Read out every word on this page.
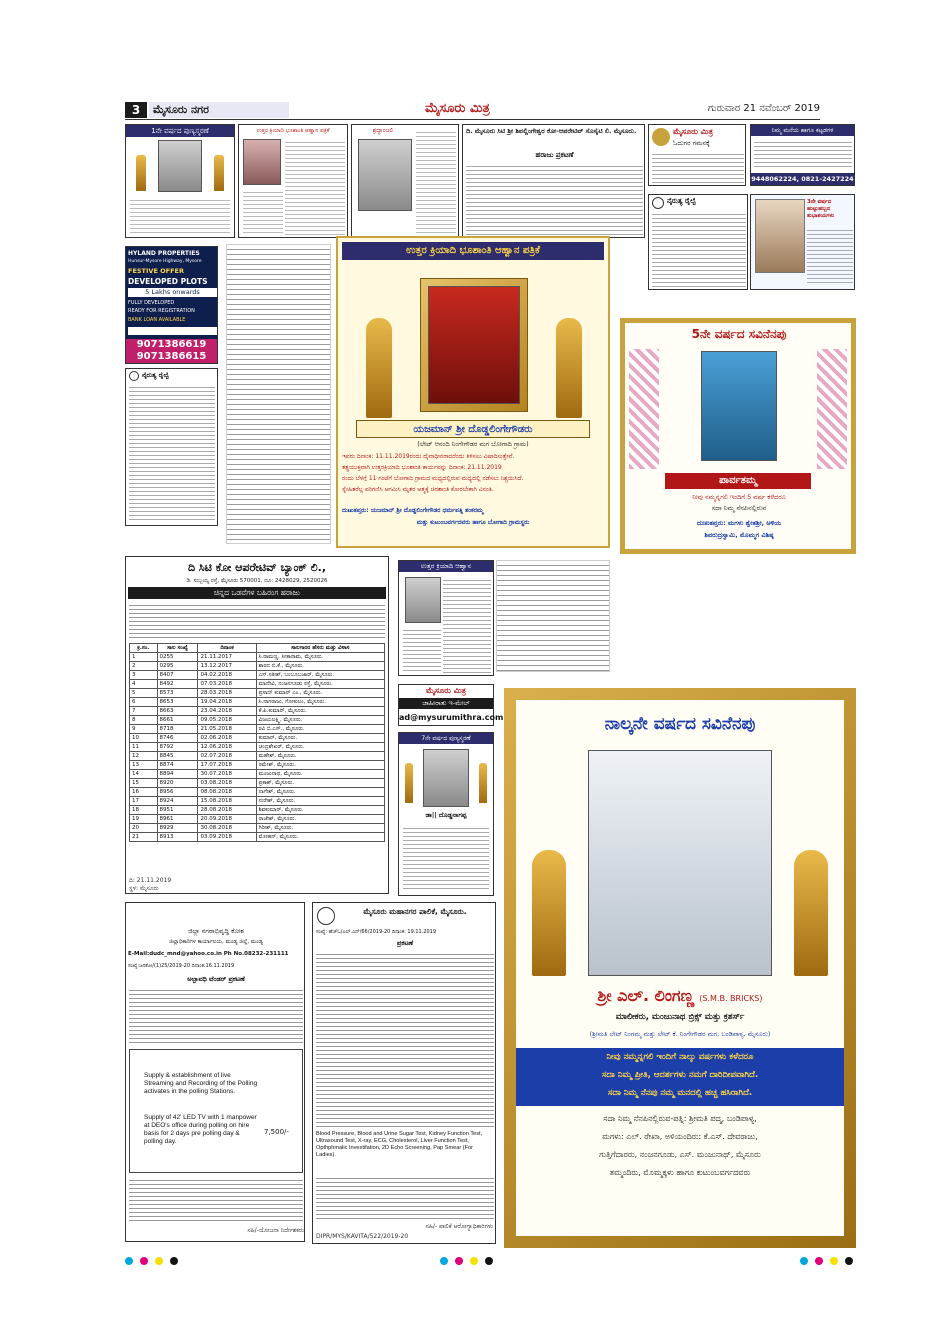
3	ಮೈಸೂರು ನಗರ	ಮೈಸೂರು ಮಿತ್ರ	ಗುರುವಾರ 21 ನವೆಂಬರ್ 2019
1ನೇ ವರ್ಷದ ಪುಣ್ಯಸ್ಮರಣೆ	ಉತ್ತರ ಕ್ರಿಯಾದಿ ಭೂಶಾಂತಿ ಆಹ್ವಾನ ಪತ್ರಿಕೆ	ಶ್ರದ್ಧಾಂಜಲಿ	ದಿ. ಮೈಸೂರು ಸಿಟಿ ಶ್ರೀ ಶಿವಲ್ಲಿಂಗೇಶ್ವರ ಕೋ-ಆಪರೇಟಿವ್ ಸೊಸೈಟಿ ಲಿ. ಮೈಸೂರು.
ಹರಾಜು ಪ್ರಕಟಣೆ
ಮೈಸೂರು ಮಿತ್ರ
ಓದುಗರ ಗಮನಕ್ಕೆ
ನಿಮ್ಮ ಮನೆಯ ಹಾಗೂ ಕಟ್ಟಡಗಳ
9448062224, 0821-2427224
ನೈರುತ್ಯ ರೈಲ್ವೆ	3ನೇ ವರ್ಷದ ಹುಟ್ಟುಹಬ್ಬದ ಶುಭಾಶಯಗಳು
HYLAND PROPERTIES
Hunsur-Mysore Highway, Mysore
FESTIVE OFFER
DEVELOPED PLOTS
5 Lakhs onwards
FULLY DEVELOPED
READY FOR REGISTRATION
BANK LOAN AVAILABLE
9071386619
9071386615
ನೈರುತ್ಯ ರೈಲ್ವೆ
ಉತ್ತರ ಕ್ರಿಯಾದಿ ಭೂಶಾಂತಿ ಆಹ್ವಾನ ಪತ್ರಿಕೆ
ಯಜಮಾನ್ ಶ್ರೀ ದೊಡ್ಡಲಿಂಗೇಗೌಡರು
(ಲೇಟ್ ಆನಂದಿ ನಿಂಗೇಗೌಡರ ಮಗ ಬೋಗಾದಿ ಗ್ರಾಮ)
ಇವರು ದಿನಾಂಕ: 11.11.2019ರಂದು ದೈವಾಧೀನರಾದರೆಂದು ತಿಳಿಸಲು ವಿಷಾದಿಸುತ್ತೇವೆ.
ತತ್ಪ್ರಯುಕ್ತವಾಗಿ ಉತ್ತರಕ್ರಿಯಾದಿ ಭೂಶಾಂತಿ ಕಾರ್ಯವನ್ನು ದಿನಾಂಕ: 21.11.2019
ರಂದು ಬೆಳಗ್ಗೆ 11 ಗಂಟೆಗೆ ಬೋಗಾದಿ ಗ್ರಾಮದ ಮಧ್ಯದಲ್ಲಿರುವ ಮಧ್ಯದಲ್ಲಿ ನಡೆಸಲು ನಿಶ್ಚಯಿಸಿದೆ.
ಸ್ನೇಹಿತರೆಲ್ಲ ಪರಿಗಣಿಸಿ ಆಗಮಿಸಿ ಮೃತರ ಆತ್ಮಕ್ಕೆ ಚಿರಶಾಂತಿ ಕೋರಬೇಕಾಗಿ ವಿನಂತಿ.
ದುಃಖತಪ್ತರು: ಯಜಮಾನ್ ಶ್ರೀ ದೊಡ್ಡಲಿಂಗೇಗೌಡರ ಧರ್ಮಪತ್ನಿ ಶಂಕರಮ್ಮ
ಮತ್ತು ಕುಟುಂಬವರ್ಗದವರು ಹಾಗೂ ಬೋಗಾದಿ ಗ್ರಾಮಸ್ಥರು
5ನೇ ವರ್ಷದ ಸವಿನೆನಪು
ಪಾರ್ವತಮ್ಮ
ನೀವು ನಮ್ಮನ್ನಗಲಿ ಇಂದಿಗೆ 5 ವರ್ಷ ಕಳೆದರೂ
ಸದಾ ನಿಮ್ಮ ನೆನಪಿನಲ್ಲಿರುವ
ದುಃಖತಪ್ತರು: ಮಗಳು ಶ್ವೇತಶ್ರೀ, ಅಳಿಯ
ಶಿವರುದ್ರಸ್ವಾಮಿ, ಮೊಮ್ಮಗ ವಿಶಿಷ್ಠ
ದಿ ಸಿಟಿ ಕೋ ಆಪರೇಟಿವ್ ಬ್ಯಾಂಕ್ ಲಿ.,
ಡಿ. ಸುಬ್ಬಯ್ಯ ರಸ್ತೆ, ಮೈಸೂರು 570001, ದೂ: 2428029, 2520026
ಚಿನ್ನದ ಒಡವೆಗಳ ಬಹಿರಂಗ ಹರಾಜು
ಕ್ರ.ಸಂ.	ಸಾಲ ಸಂಖ್ಯೆ	ದಿನಾಂಕ	ಸಾಲಗಾರರ ಹೆಸರು ಮತ್ತು ವಿಳಾಸ
1	0255	21.11.2017	ಸಿ.ರಾಮಣ್ಣ, ಸೀತಾರಾಮ, ಮೈಸೂರು.
2	0295	13.12.2017	ಶಾರದ ಬಿ.ಕೆ., ಮೈಸೂರು.
3	8407	04.02.2018	ಎಸ್.ಸತೀಶ್, ಬಂಬೂಬಜಾರ್, ಮೈಸೂರು.
4	8492	07.03.2018	ಮಾದೇವಿ, ನಂಜನಗೂಡು ರಸ್ತೆ, ಮೈಸೂರು.
5	8573	28.03.2018	ಪ್ರಸಾದ್ ಕುಮಾರ್ ಎಂ., ಮೈಸೂರು.
6	8653	19.04.2018	ಸಿ.ನಾಗರಾಜು, ಗೋಕುಲಂ, ಮೈಸೂರು.
7	8663	23.04.2018	ಕೆ.ಪಿ.ಕುಮಾರ್, ಮೈಸೂರು.
8	8661	09.05.2018	ವಿಜಯಲಕ್ಷ್ಮಿ, ಮೈಸೂರು.
9	8718	21.05.2018	ರವಿ ಬಿ.ಎಸ್., ಮೈಸೂರು.
10	8746	02.06.2018	ಕುಮಾರ್, ಮೈಸೂರು.
11	8792	12.06.2018	ಚಂದ್ರಶೇಖರ್, ಮೈಸೂರು.
12	8845	02.07.2018	ಮಹೇಶ್, ಮೈಸೂರು.
13	8874	17.07.2018	ರಮೇಶ್, ಮೈಸೂರು.
14	8894	30.07.2018	ಮಂಜುನಾಥ, ಮೈಸೂರು.
15	8920	03.08.2018	ಪ್ರಕಾಶ್, ಮೈಸೂರು.
16	8956	08.08.2018	ನಾಗೇಶ್, ಮೈಸೂರು.
17	8924	15.08.2018	ಸುರೇಶ್, ಮೈಸೂರು.
18	8951	28.08.2018	ಶಿವಕುಮಾರ್, ಮೈಸೂರು.
19	8961	20.09.2018	ರಾಜೇಶ್, ಮೈಸೂರು.
20	8929	30.08.2018	ಗಿರೀಶ್, ಮೈಸೂರು.
21	8913	03.09.2018	ಮೋಹನ್, ಮೈಸೂರು.
ದಿ: 21.11.2019
ಸ್ಥಳ: ಮೈಸೂರು
ಉತ್ತರ ಕ್ರಿಯಾದಿ ಆಹ್ವಾನ
ಮೈಸೂರು ಮಿತ್ರ
ಜಾಹೀರಾತು ಇ-ಮೇಲ್
ad@mysurumithra.com
7ನೇ ವರ್ಷದ ಪುಣ್ಯಸ್ಮರಣೆ
ಡಾ|| ದೊಡ್ಡನಾಗಪ್ಪ
ನಾಲ್ಕನೇ ವರ್ಷದ ಸವಿನೆನಪು
ಶ್ರೀ ಎಲ್. ಲಿಂಗಣ್ಣ (S.M.B. BRICKS)
ಮಾಲೀಕರು, ಮಂಜುನಾಥ ಬ್ರಿಕ್ಸ್ ಮತ್ತು ಕ್ರಶರ್ಸ್
(ಶ್ರೀಮತಿ ಲೇಟ್ ನಿಂಗಮ್ಮ ಮತ್ತು ಲೇಟ್ ಕೆ. ನಿಂಗೇಗೌಡರ ಮಗ, ಬಂಡಿಪಾಳ್ಯ, ಮೈಸೂರು)
ನೀವು ನಮ್ಮನ್ನಗಲಿ ಇಂದಿಗೆ ನಾಲ್ಕು ವರ್ಷಗಳು ಕಳೆದರೂ
ಸದಾ ನಿಮ್ಮ ಪ್ರೀತಿ, ಆದರ್ಶಗಳು ನಮಗೆ ದಾರಿದೀಪವಾಗಿದೆ.
ಸದಾ ನಿಮ್ಮ ನೆನಪು ನಮ್ಮ ಮನದಲ್ಲಿ ಹಚ್ಚ ಹಸಿರಾಗಿದೆ.
ಸದಾ ನಿಮ್ಮ ನೆನಪಿನಲ್ಲಿರುವ-ಪತ್ನಿ: ಶ್ರೀಮತಿ ಪದ್ಮ, ಬಂಡಿಪಾಳ್ಯ,
ಮಗಳು: ಎಲ್. ರೇಖಾ, ಅಳಿಯಂದಿರು: ಕೆ.ಎಸ್. ದೇವರಾಜು,
ಗುತ್ತಿಗೆದಾರರು, ನಂಜನಗೂಡು, ಎಸ್. ಮಂಜುನಾಥ್, ಮೈಸೂರು
ತಮ್ಮಂದಿರು, ಮೊಮ್ಮಕ್ಕಳು ಹಾಗೂ ಕುಟುಂಬವರ್ಗದವರು
ಜಿಲ್ಲಾ ನಗರಾಭಿವೃದ್ಧಿ ಕೋಶ
ಜಿಲ್ಲಾಧಿಕಾರಿಗಳ ಕಾರ್ಯಾಲಯ, ಮಂಡ್ಯ ಜಿಲ್ಲೆ, ಮಂಡ್ಯ
E-Mail:dudc_mnd@yahoo.co.in Ph No.08232-231111
ಸಂಖ್ಯೆ:ಜನಕೋ/(1)25/2019-20 ದಿನಾಂಕ:16.11.2019
ಅಲ್ಪಾವಧಿ ಟೆಂಡರ್ ಪ್ರಕಟಣೆ
Supply & establishment of live Streaming and Recording of the Polling activates in the polling Stations.
Supply of 42' LED TV with 1 manpower at DEO's office during polling on hire basis for 2 days pre polling day & polling day.
7,500/-
ಸಹಿ/-ಯೋಜನಾ ನಿರ್ದೇಶಕರು
ಮೈಸೂರು ಮಹಾನಗರ ಪಾಲಿಕೆ, ಮೈಸೂರು.
ಸಂಖ್ಯೆ: ಹೆಚ್‌ಓ/ಎಲ್.ಎನ್/66/2019-20 ದಿನಾಂಕ: 19.11.2019
ಪ್ರಕಟಣೆ
Blood Pressure, Blood and Urine Sugar Test, Kidney Function Test, Ultrasound Test, X-ray, ECG, Cholesterol, Liver Function Test, Opthphmalic Investifation, 2D Echo Screening, Pap Smear (For Ladies).
ಸಹಿ/- ಪಾಲಿಕೆ ಆರೋಗ್ಯಾಧಿಕಾರಿಗಳು
DIPR/MYS/KAVITA/522/2019-20
